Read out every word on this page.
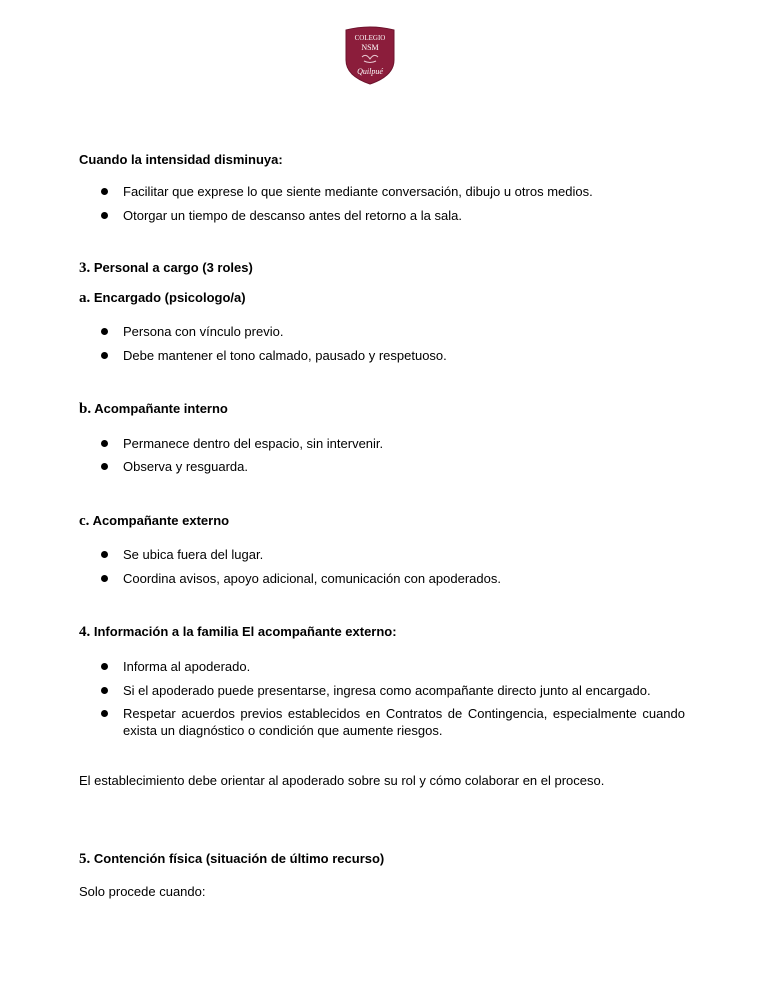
COLEGIO
NSM
Quilpué
Cuando la intensidad disminuya:
Facilitar que exprese lo que siente mediante conversación, dibujo u otros medios.
Otorgar un tiempo de descanso antes del retorno a la sala.
3. Personal a cargo (3 roles)
a. Encargado (psicologo/a)
Persona con vínculo previo.
Debe mantener el tono calmado, pausado y respetuoso.
b. Acompañante interno
Permanece dentro del espacio, sin intervenir.
Observa y resguarda.
c. Acompañante externo
Se ubica fuera del lugar.
Coordina avisos, apoyo adicional, comunicación con apoderados.
4. Información a la familia El acompañante externo:
Informa al apoderado.
Si el apoderado puede presentarse, ingresa como acompañante directo junto al encargado.
Respetar acuerdos previos establecidos en Contratos de Contingencia, especialmente cuando exista un diagnóstico o condición que aumente riesgos.
El establecimiento debe orientar al apoderado sobre su rol y cómo colaborar en el proceso.
5. Contención física (situación de último recurso)
Solo procede cuando:
